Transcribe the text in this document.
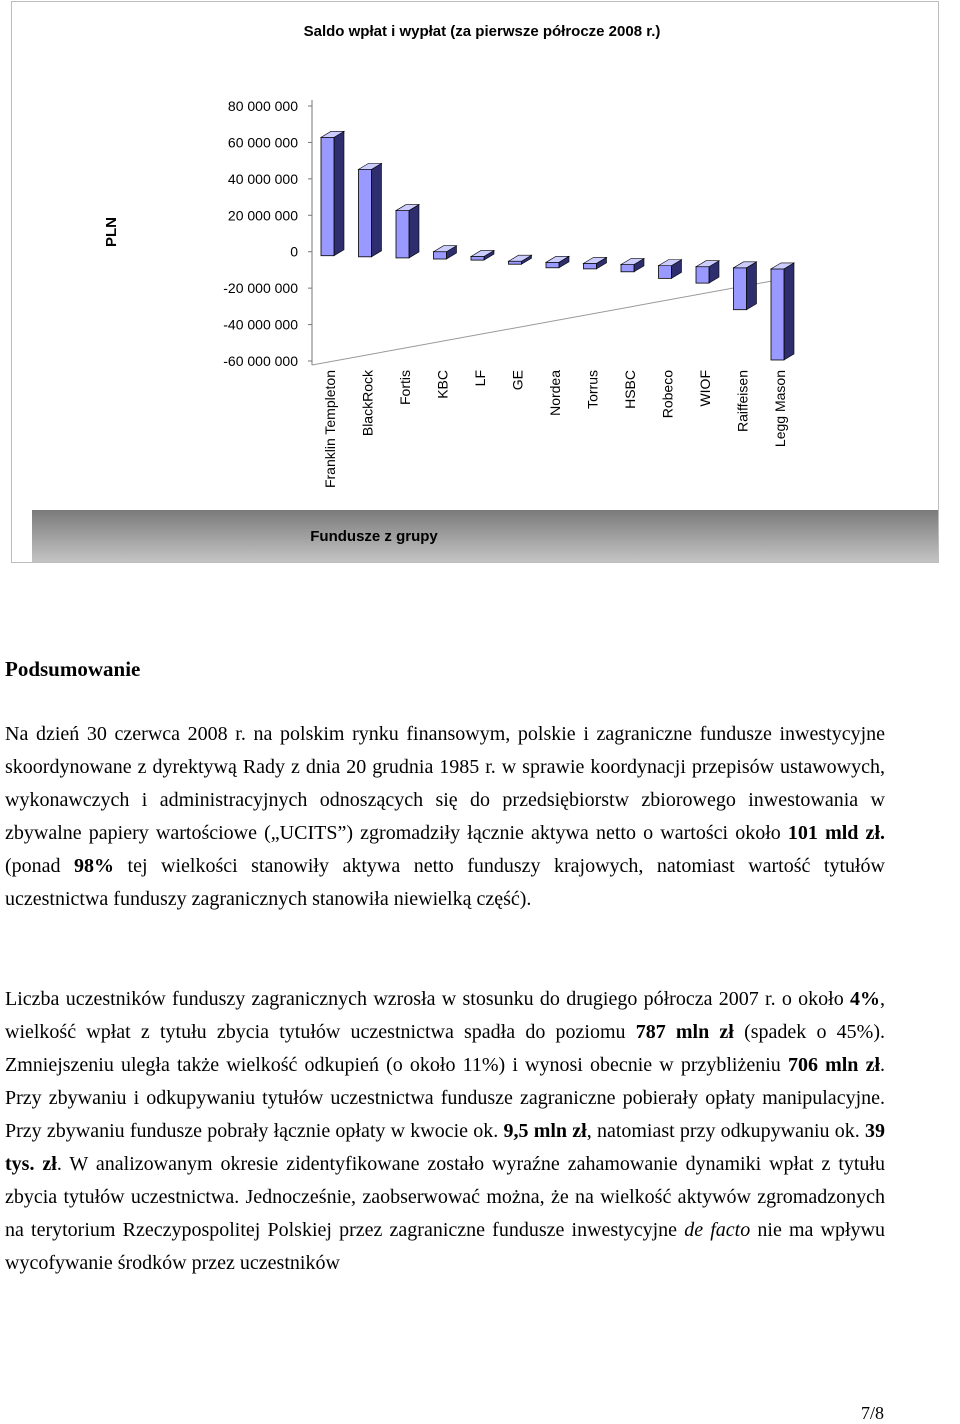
Saldo wpłat i wypłat (za pierwsze półrocze 2008 r.)
PLN
Fundusze z grupy
80 000 000
60 000 000
40 000 000
20 000 000
0
-20 000 000
-40 000 000
-60 000 000
Franklin Templeton BlackRock Fortis KBC LF GE Nordea Torrus HSBC Robeco WIOF Raiffeisen Legg Mason

Podsumowanie

Na dzień 30 czerwca 2008 r. na polskim rynku finansowym, polskie i zagraniczne fundusze inwestycyjne skoordynowane z dyrektywą Rady z dnia 20 grudnia 1985 r. w sprawie koordynacji przepisów ustawowych, wykonawczych i administracyjnych odnoszących się do przedsiębiorstw zbiorowego inwestowania w zbywalne papiery wartościowe („UCITS”) zgromadziły łącznie aktywa netto o wartości około 101 mld zł. (ponad 98% tej wielkości stanowiły aktywa netto funduszy krajowych, natomiast wartość tytułów uczestnictwa funduszy zagranicznych stanowiła niewielką część).

Liczba uczestników funduszy zagranicznych wzrosła w stosunku do drugiego półrocza 2007 r. o około 4%, wielkość wpłat z tytułu zbycia tytułów uczestnictwa spadła do poziomu 787 mln zł (spadek o 45%). Zmniejszeniu uległa także wielkość odkupień (o około 11%) i wynosi obecnie w przybliżeniu 706 mln zł. Przy zbywaniu i odkupywaniu tytułów uczestnictwa fundusze zagraniczne pobierały opłaty manipulacyjne. Przy zbywaniu fundusze pobrały łącznie opłaty w kwocie ok. 9,5 mln zł, natomiast przy odkupywaniu ok. 39 tys. zł. W analizowanym okresie zidentyfikowane zostało wyraźne zahamowanie dynamiki wpłat z tytułu zbycia tytułów uczestnictwa. Jednocześnie, zaobserwować można, że na wielkość aktywów zgromadzonych na terytorium Rzeczypospolitej Polskiej przez zagraniczne fundusze inwestycyjne de facto nie ma wpływu wycofywanie środków przez uczestników

7/8
